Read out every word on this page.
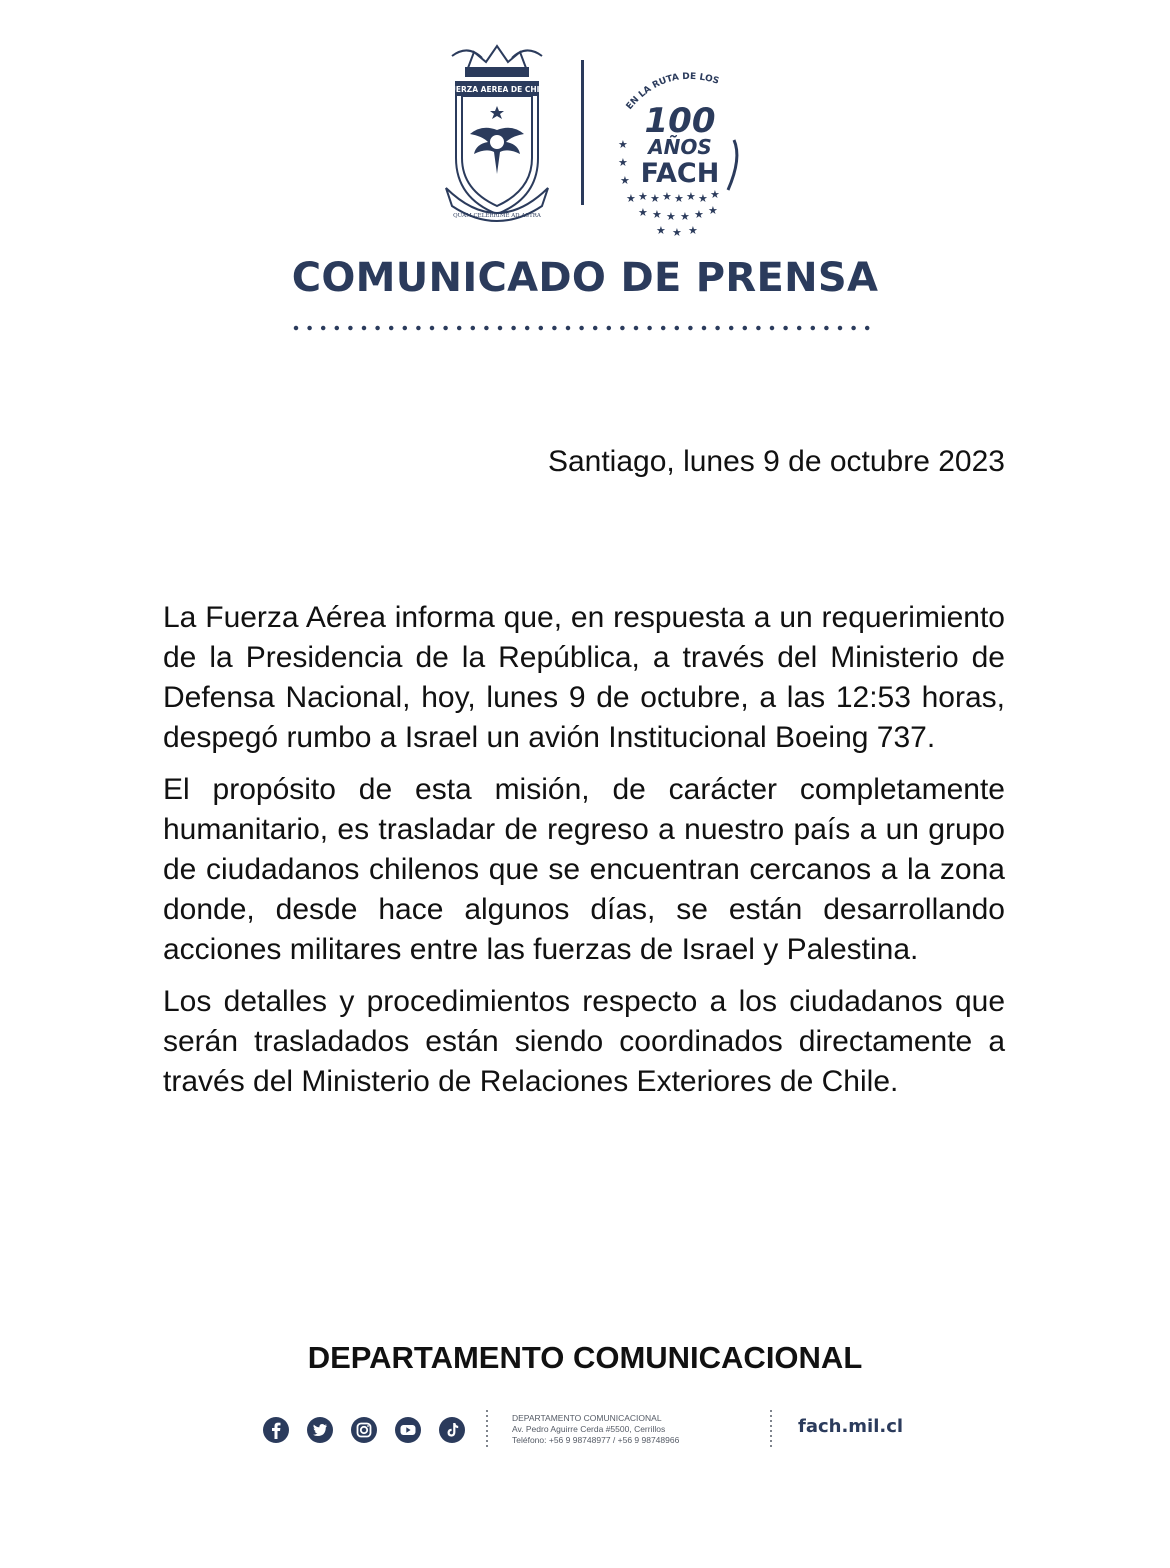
FUERZA AEREA DE CHILE
QUAM CELERRIME AD ASTRA
EN LA RUTA DE LOS
100
AÑOS
FACH
★
★
★
★ ★ ★ ★ ★ ★ ★ ★
★ ★ ★ ★ ★ ★
★ ★ ★
COMUNICADO DE PRENSA
Santiago, lunes 9 de octubre 2023

La Fuerza Aérea informa que, en respuesta a un requerimiento de la Presidencia de la República, a través del Ministerio de Defensa Nacional, hoy, lunes 9 de octubre, a las 12:53 horas, despegó rumbo a Israel un avión Institucional Boeing 737.

El propósito de esta misión, de carácter completamente humanitario, es trasladar de regreso a nuestro país a un grupo de ciudadanos chilenos que se encuentran cercanos a la zona donde, desde hace algunos días, se están desarrollando acciones militares entre las fuerzas de Israel y Palestina.

Los detalles y procedimientos respecto a los ciudadanos que serán trasladados están siendo coordinados directamente a través del Ministerio de Relaciones Exteriores de Chile.

DEPARTAMENTO COMUNICACIONAL
DEPARTAMENTO COMUNICACIONAL
Av. Pedro Aguirre Cerda #5500, Cerrillos
Teléfono: +56 9 98748977 / +56 9 98748966
fach.mil.cl
